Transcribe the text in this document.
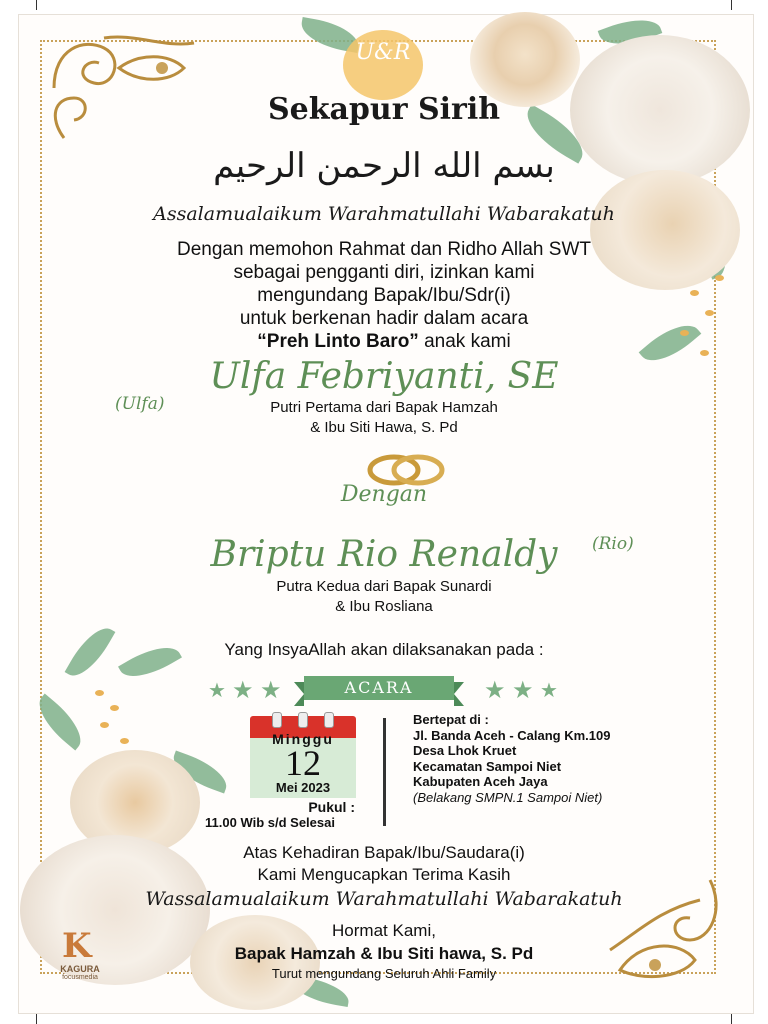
U&R
Sekapur Sirih
بسم الله الرحمن الرحيم
Assalamualaikum Warahmatullahi Wabarakatuh
Dengan memohon Rahmat dan Ridho Allah SWT
sebagai pengganti diri, izinkan kami
mengundang Bapak/Ibu/Sdr(i)
untuk berkenan hadir dalam acara
“Preh Linto Baro” anak kami
Ulfa Febriyanti, SE
(Ulfa)	Putri Pertama dari Bapak Hamzah
& Ibu Siti Hawa, S. Pd
Dengan
Briptu Rio Renaldy	(Rio)
Putra Kedua dari Bapak Sunardi
& Ibu Rosliana
Yang InsyaAllah akan dilaksanakan pada :
★ ★ ★	ACARA	★ ★ ★
Minggu
12
Mei 2023
Pukul :
11.00 Wib s/d Selesai
Bertepat di :
Jl. Banda Aceh - Calang Km.109
Desa Lhok Kruet
Kecamatan Sampoi Niet
Kabupaten Aceh Jaya
(Belakang SMPN.1 Sampoi Niet)
Atas Kehadiran Bapak/Ibu/Saudara(i)
Kami Mengucapkan Terima Kasih
Wassalamualaikum Warahmatullahi Wabarakatuh
Hormat Kami,
Bapak Hamzah & Ibu Siti hawa, S. Pd
Turut mengundang Seluruh Ahli Family
K
KAGURA
focusmedia
